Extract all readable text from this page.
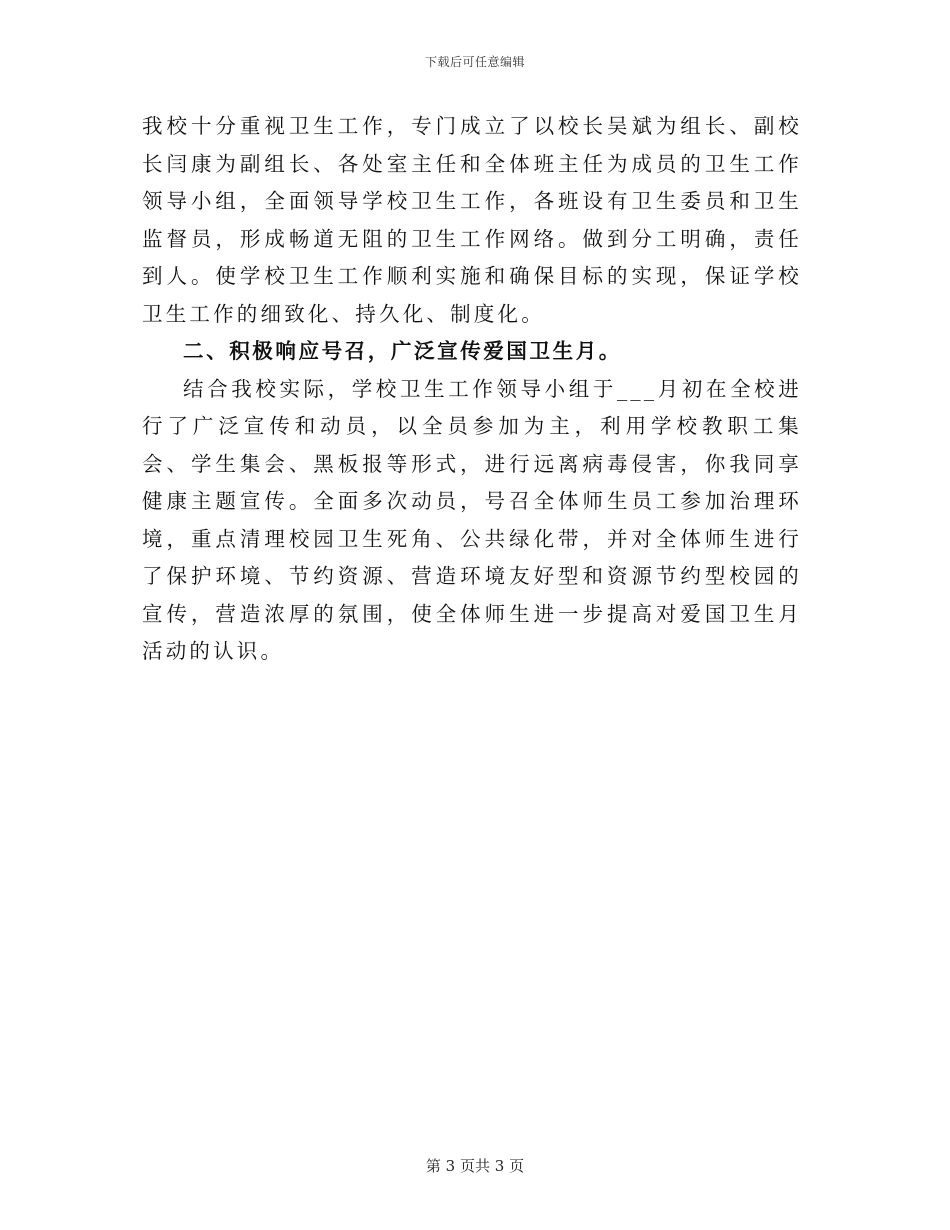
下载后可任意编辑

我校十分重视卫生工作，专门成立了以校长吴斌为组长、副校长闫康为副组长、各处室主任和全体班主任为成员的卫生工作领导小组，全面领导学校卫生工作，各班设有卫生委员和卫生监督员，形成畅道无阻的卫生工作网络。做到分工明确，责任到人。使学校卫生工作顺利实施和确保目标的实现，保证学校卫生工作的细致化、持久化、制度化。

二、积极响应号召，广泛宣传爱国卫生月。

结合我校实际，学校卫生工作领导小组于___月初在全校进行了广泛宣传和动员，以全员参加为主，利用学校教职工集会、学生集会、黑板报等形式，进行远离病毒侵害，你我同享健康主题宣传。全面多次动员，号召全体师生员工参加治理环境，重点清理校园卫生死角、公共绿化带，并对全体师生进行了保护环境、节约资源、营造环境友好型和资源节约型校园的宣传，营造浓厚的氛围，使全体师生进一步提高对爱国卫生月活动的认识。

第 3 页共 3 页
